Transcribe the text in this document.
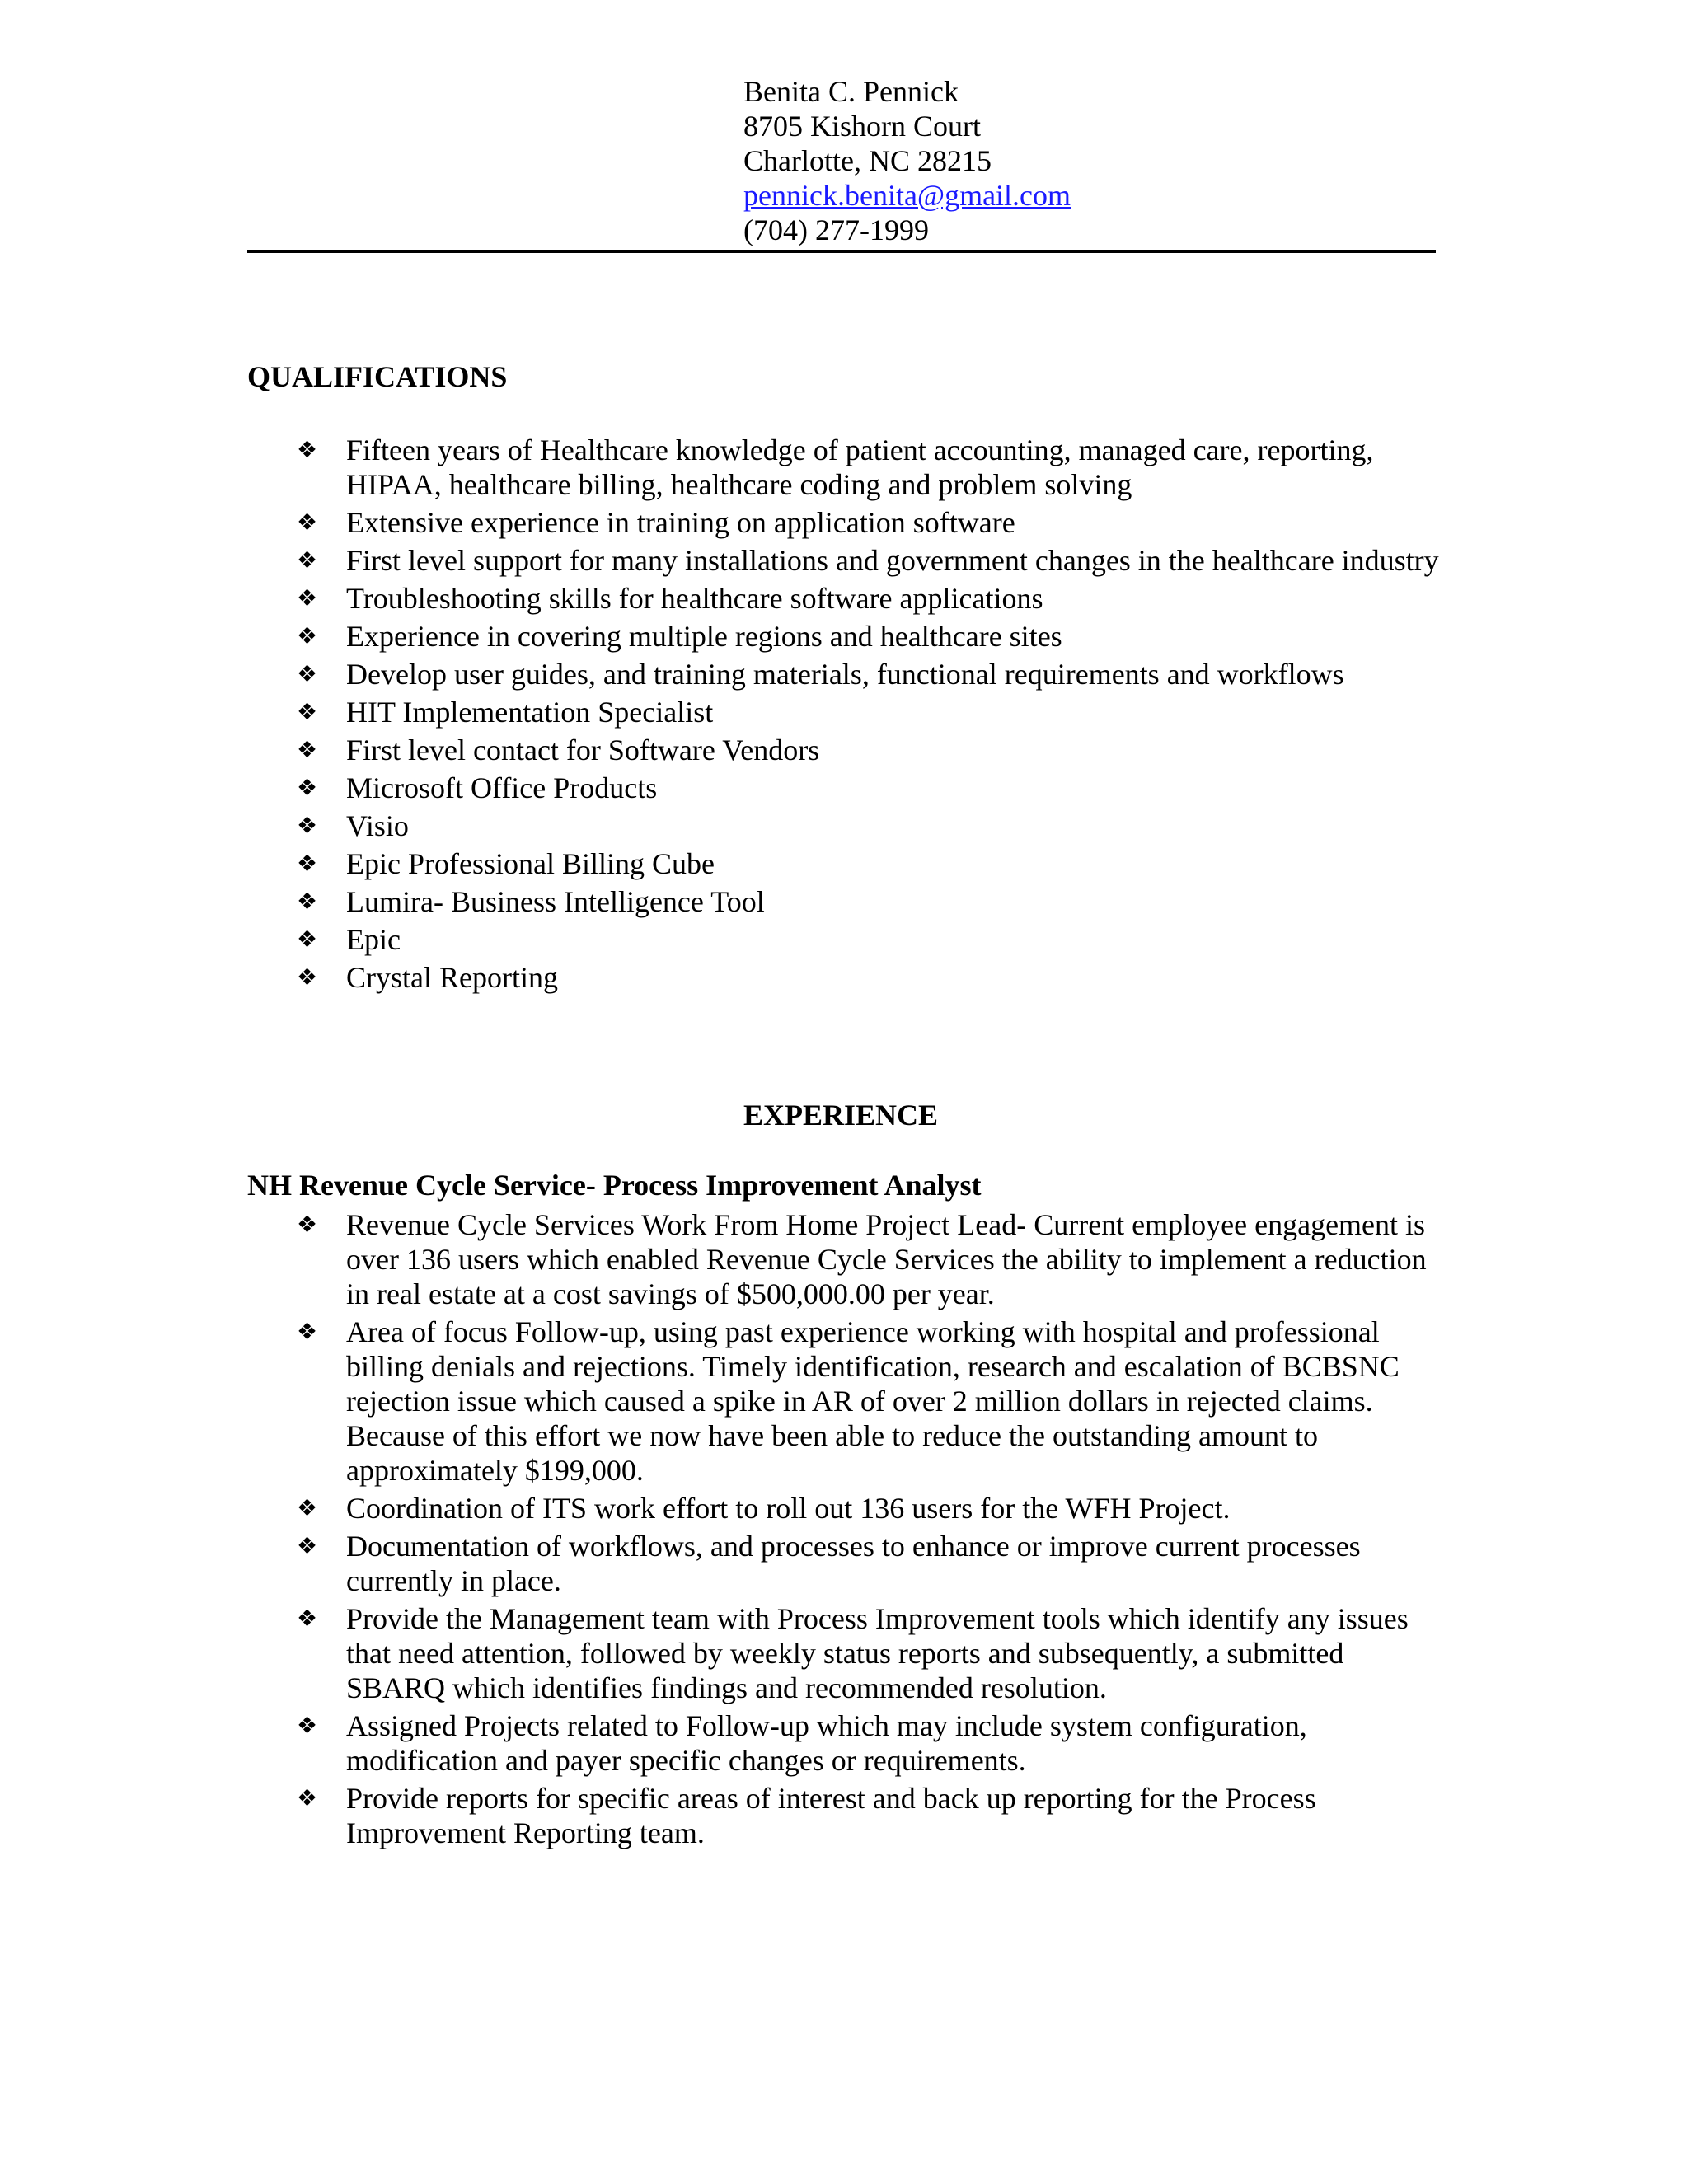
Benita C. Pennick
8705 Kishorn Court
Charlotte, NC 28215
pennick.benita@gmail.com
(704) 277-1999
QUALIFICATIONS
❖ Fifteen years of Healthcare knowledge of patient accounting, managed care, reporting, HIPAA, healthcare billing, healthcare coding and problem solving
❖ Extensive experience in training on application software
❖ First level support for many installations and government changes in the healthcare industry
❖ Troubleshooting skills for healthcare software applications
❖ Experience in covering multiple regions and healthcare sites
❖ Develop user guides, and training materials, functional requirements and workflows
❖ HIT Implementation Specialist
❖ First level contact for Software Vendors
❖ Microsoft Office Products
❖ Visio
❖ Epic Professional Billing Cube
❖ Lumira- Business Intelligence Tool
❖ Epic
❖ Crystal Reporting
EXPERIENCE
NH Revenue Cycle Service- Process Improvement Analyst
❖ Revenue Cycle Services Work From Home Project Lead- Current employee engagement is over 136 users which enabled Revenue Cycle Services the ability to implement a reduction in real estate at a cost savings of $500,000.00 per year.
❖ Area of focus Follow-up, using past experience working with hospital and professional billing denials and rejections. Timely identification, research and escalation of BCBSNC rejection issue which caused a spike in AR of over 2 million dollars in rejected claims. Because of this effort we now have been able to reduce the outstanding amount to approximately $199,000.
❖ Coordination of ITS work effort to roll out 136 users for the WFH Project.
❖ Documentation of workflows, and processes to enhance or improve current processes currently in place.
❖ Provide the Management team with Process Improvement tools which identify any issues that need attention, followed by weekly status reports and subsequently, a submitted SBARQ which identifies findings and recommended resolution.
❖ Assigned Projects related to Follow-up which may include system configuration, modification and payer specific changes or requirements.
❖ Provide reports for specific areas of interest and back up reporting for the Process Improvement Reporting team.
